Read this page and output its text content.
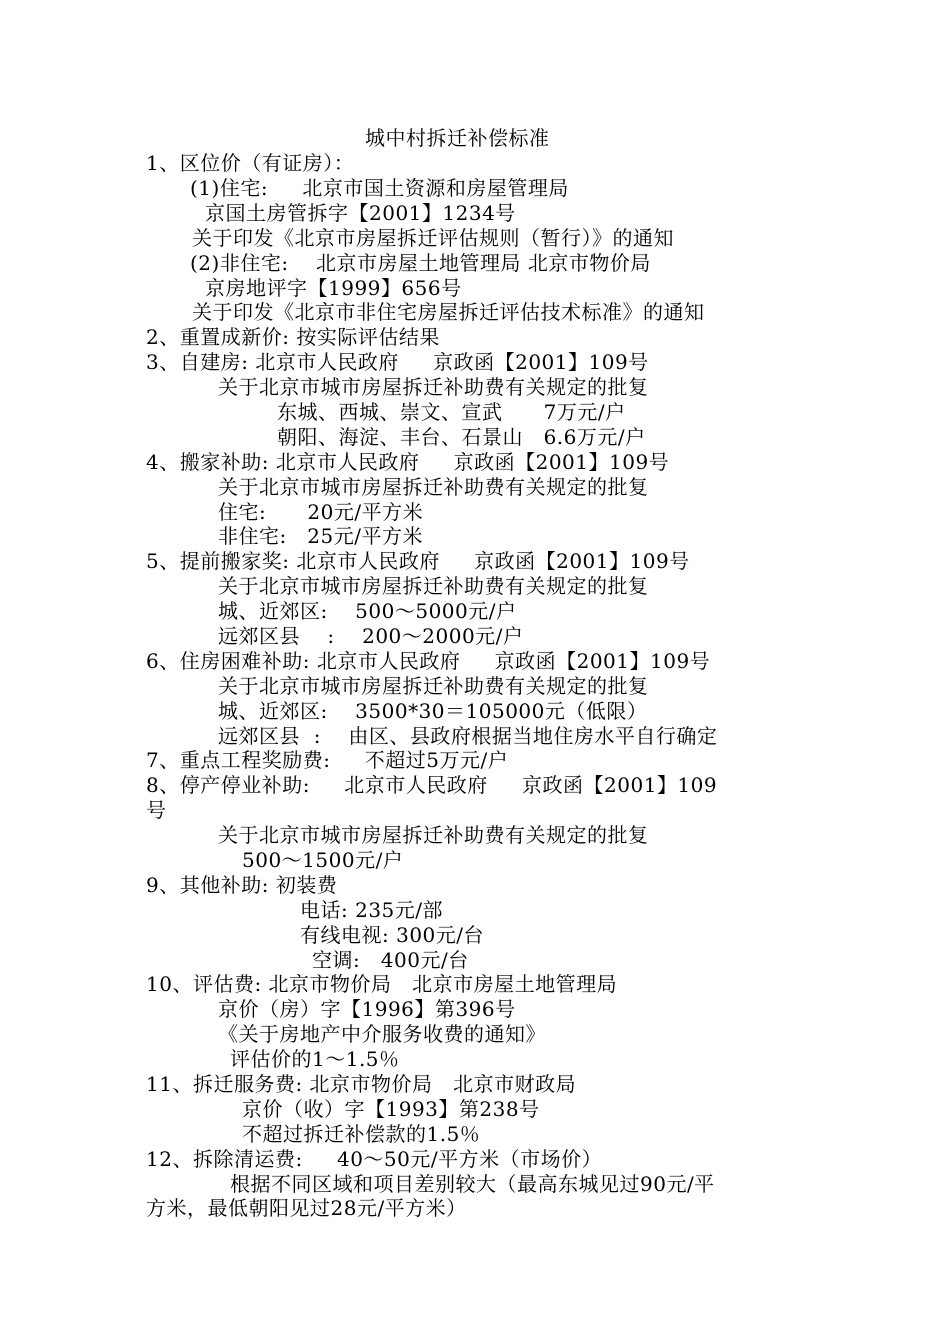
城中村拆迁补偿标准
1、区位价（有证房）：
(1)住宅:     北京市国土资源和房屋管理局
京国土房管拆字【2001】1234号
关于印发《北京市房屋拆迁评估规则（暂行）》的通知
(2)非住宅:    北京市房屋土地管理局 北京市物价局
京房地评字【1999】656号
关于印发《北京市非住宅房屋拆迁评估技术标准》的通知
2、重置成新价: 按实际评估结果
3、自建房: 北京市人民政府     京政函【2001】109号
关于北京市城市房屋拆迁补助费有关规定的批复
东城、西城、崇文、宣武      7万元/户
朝阳、海淀、丰台、石景山   6.6万元/户
4、搬家补助: 北京市人民政府     京政函【2001】109号
关于北京市城市房屋拆迁补助费有关规定的批复
住宅:      20元/平方米
非住宅:   25元/平方米
5、提前搬家奖: 北京市人民政府     京政函【2001】109号
关于北京市城市房屋拆迁补助费有关规定的批复
城、近郊区:    500～5000元/户
远郊区县    :    200～2000元/户
6、住房困难补助: 北京市人民政府     京政函【2001】109号
关于北京市城市房屋拆迁补助费有关规定的批复
城、近郊区:    3500*30＝105000元（低限）
远郊区县  :    由区、县政府根据当地住房水平自行确定
7、重点工程奖励费:     不超过5万元/户
8、停产停业补助:     北京市人民政府     京政函【2001】109
号
关于北京市城市房屋拆迁补助费有关规定的批复
500～1500元/户
9、其他补助: 初装费
电话: 235元/部
有线电视: 300元/台
空调:   400元/台
10、评估费: 北京市物价局   北京市房屋土地管理局
京价（房）字【1996】第396号
《关于房地产中介服务收费的通知》
评估价的1～1.5％
11、拆迁服务费: 北京市物价局   北京市财政局
京价（收）字【1993】第238号
不超过拆迁补偿款的1.5％
12、拆除清运费:     40～50元/平方米（市场价）
根据不同区域和项目差别较大（最高东城见过90元/平
方米，最低朝阳见过28元/平方米）
